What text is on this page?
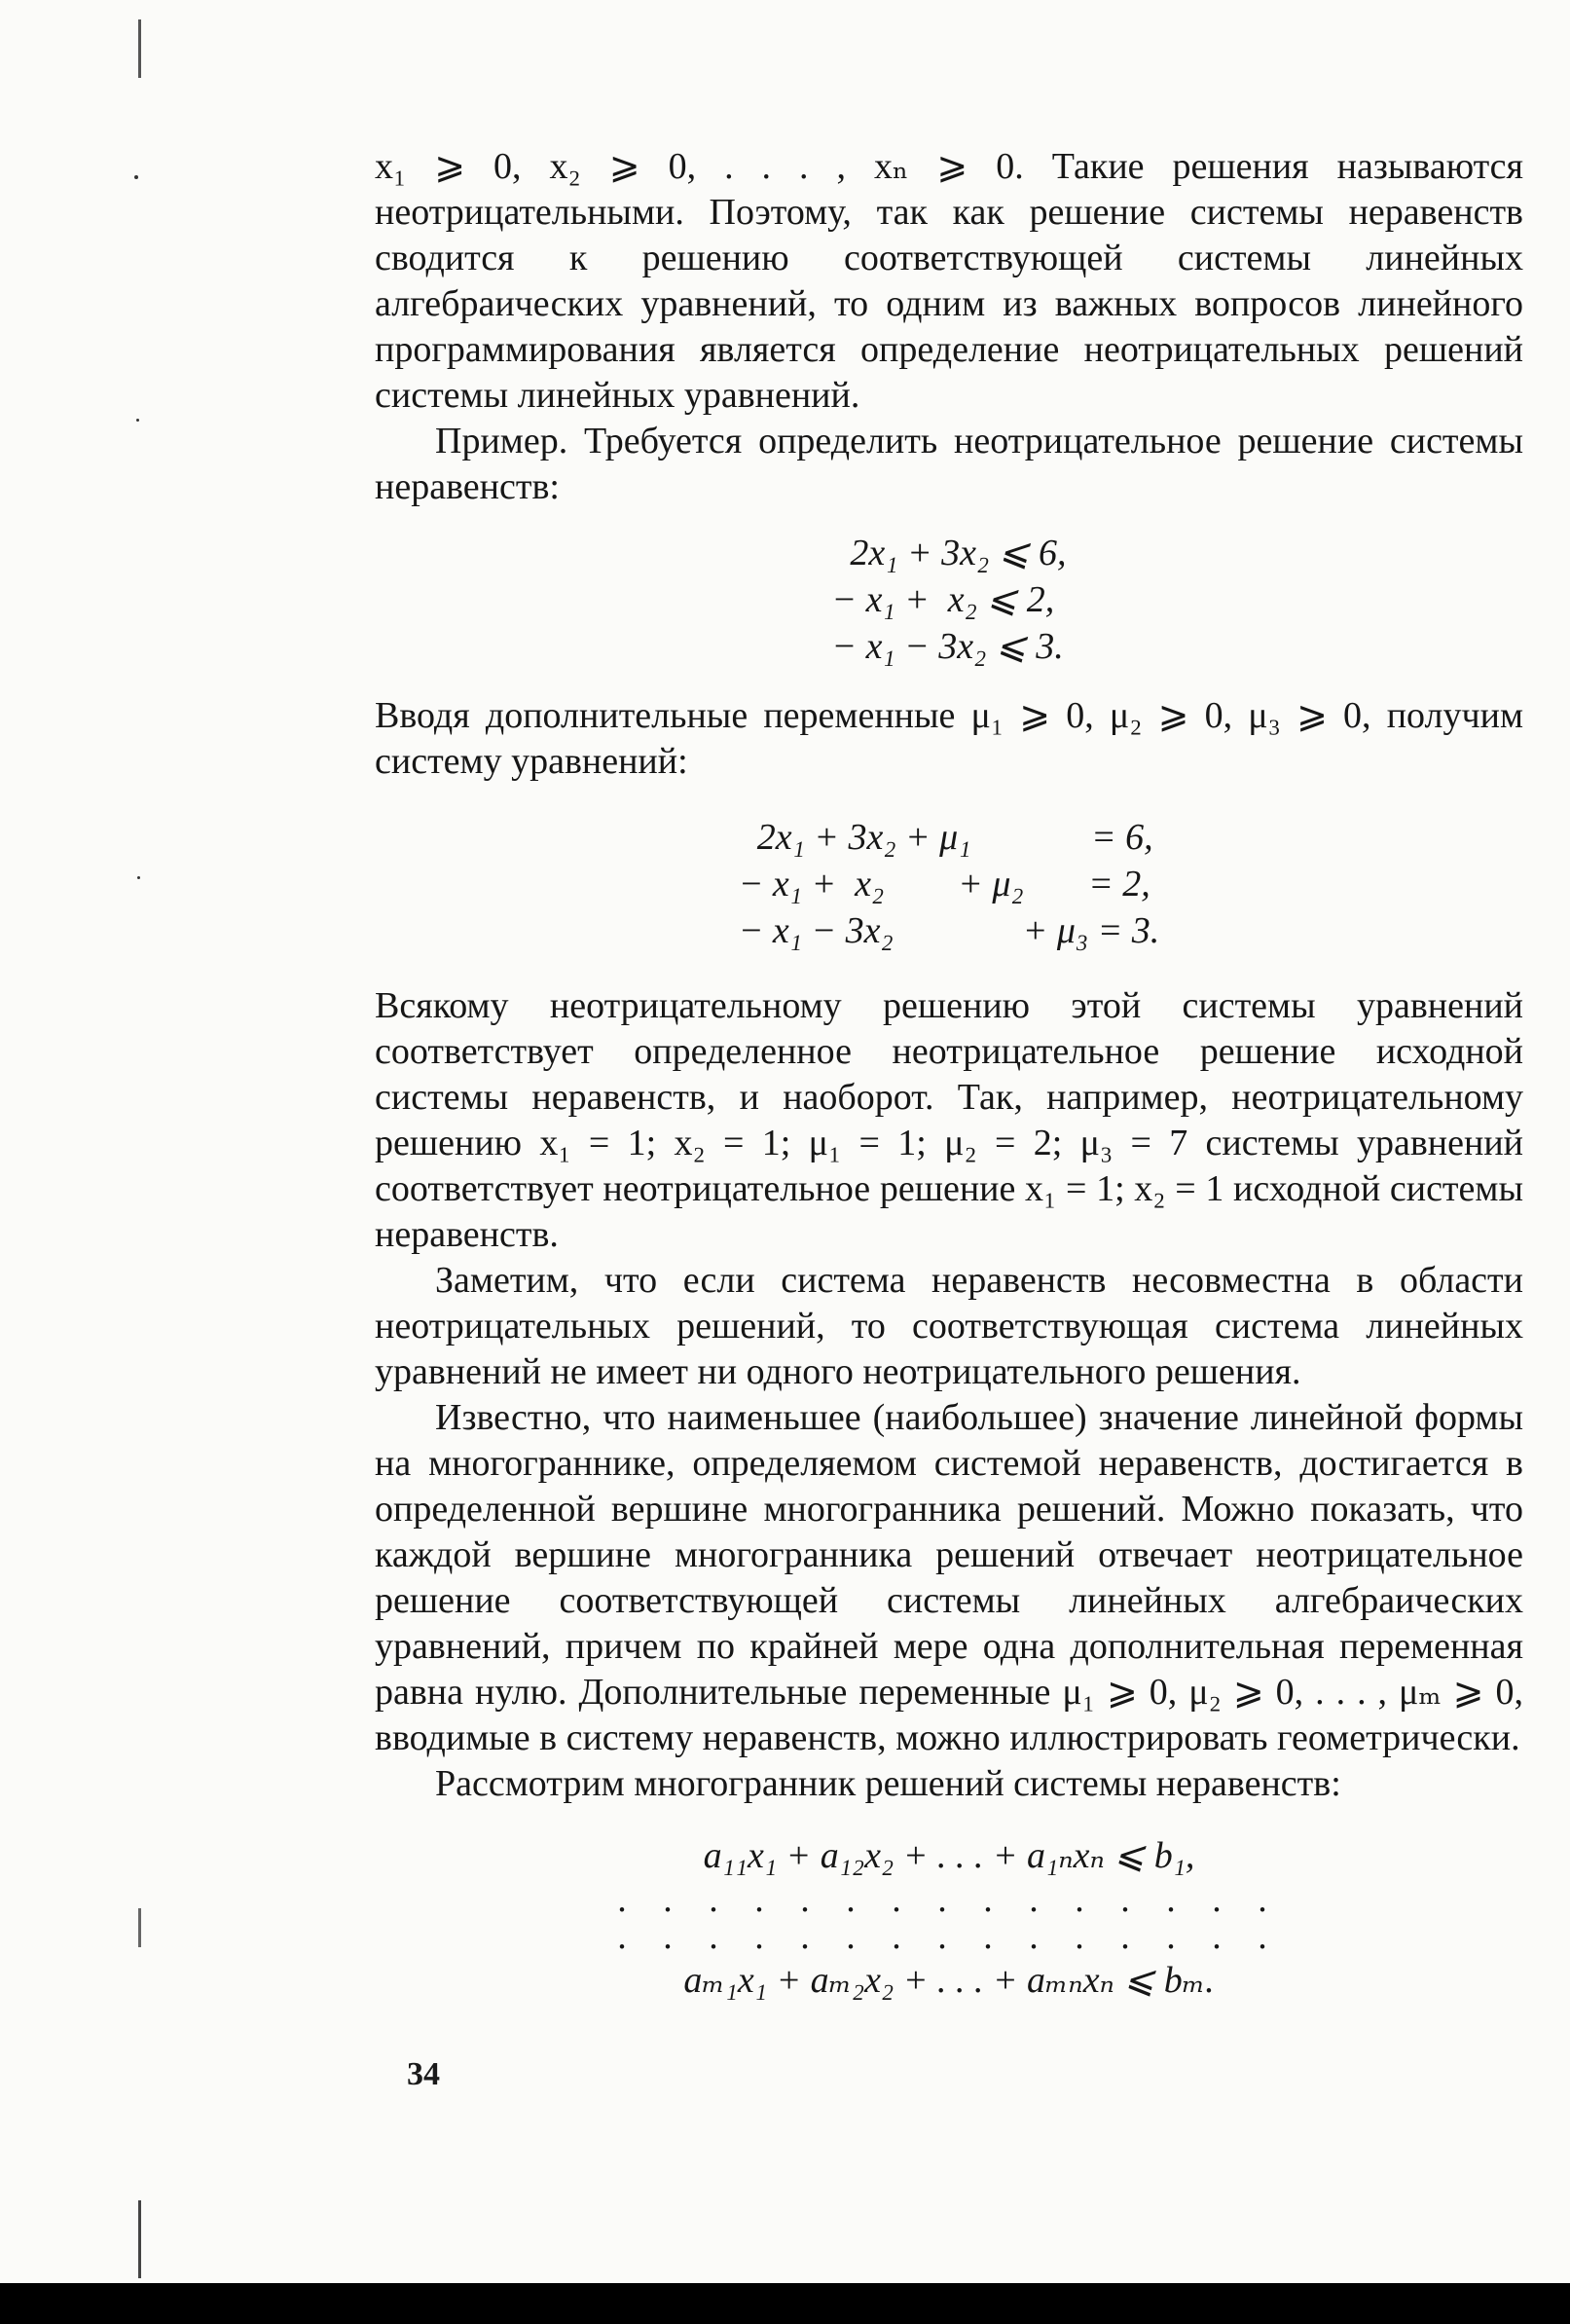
x₁ ⩾ 0, x₂ ⩾ 0, . . . , xₙ ⩾ 0. Такие решения называются неотрицательными. Поэтому, так как решение системы неравенств сводится к решению соответствующей системы линейных алгебраических уравнений, то одним из важных вопросов линейного программирования является определение неотрицательных решений системы линейных уравнений.

Пример. Требуется определить неотрицательное решение системы неравенств:

2x₁ + 3x₂ ⩽ 6,
− x₁ +  x₂ ⩽ 2,
− x₁ − 3x₂ ⩽ 3.

Вводя дополнительные переменные μ₁ ⩾ 0, μ₂ ⩾ 0, μ₃ ⩾ 0, получим систему уравнений:

2x₁ + 3x₂ + μ₁             = 6,
− x₁ +  x₂        + μ₂       = 2,
− x₁ − 3x₂              + μ₃ = 3.

Всякому неотрицательному решению этой системы уравнений соответствует определенное неотрицательное решение исходной системы неравенств, и наоборот. Так, например, неотрицательному решению x₁ = 1; x₂ = 1; μ₁ = 1; μ₂ = 2; μ₃ = 7 системы уравнений соответствует неотрицательное решение x₁ = 1; x₂ = 1 исходной системы неравенств.

Заметим, что если система неравенств несовместна в области неотрицательных решений, то соответствующая система линейных уравнений не имеет ни одного неотрицательного решения.

Известно, что наименьшее (наибольшее) значение линейной формы на многограннике, определяемом системой неравенств, достигается в определенной вершине многогранника решений. Можно показать, что каждой вершине многогранника решений отвечает неотрицательное решение соответствующей системы линейных алгебраических уравнений, причем по крайней мере одна дополнительная переменная равна нулю. Дополнительные переменные μ₁ ⩾ 0, μ₂ ⩾ 0, . . . , μₘ ⩾ 0, вводимые в систему неравенств, можно иллюстрировать геометрически.

Рассмотрим многогранник решений системы неравенств:

a₁₁x₁ + a₁₂x₂ + . . . + a₁ₙxₙ ⩽ b₁,
. . . . . . . . . . . . . . .
. . . . . . . . . . . . . . .
aₘ₁x₁ + aₘ₂x₂ + . . . + aₘₙxₙ ⩽ bₘ.
34
